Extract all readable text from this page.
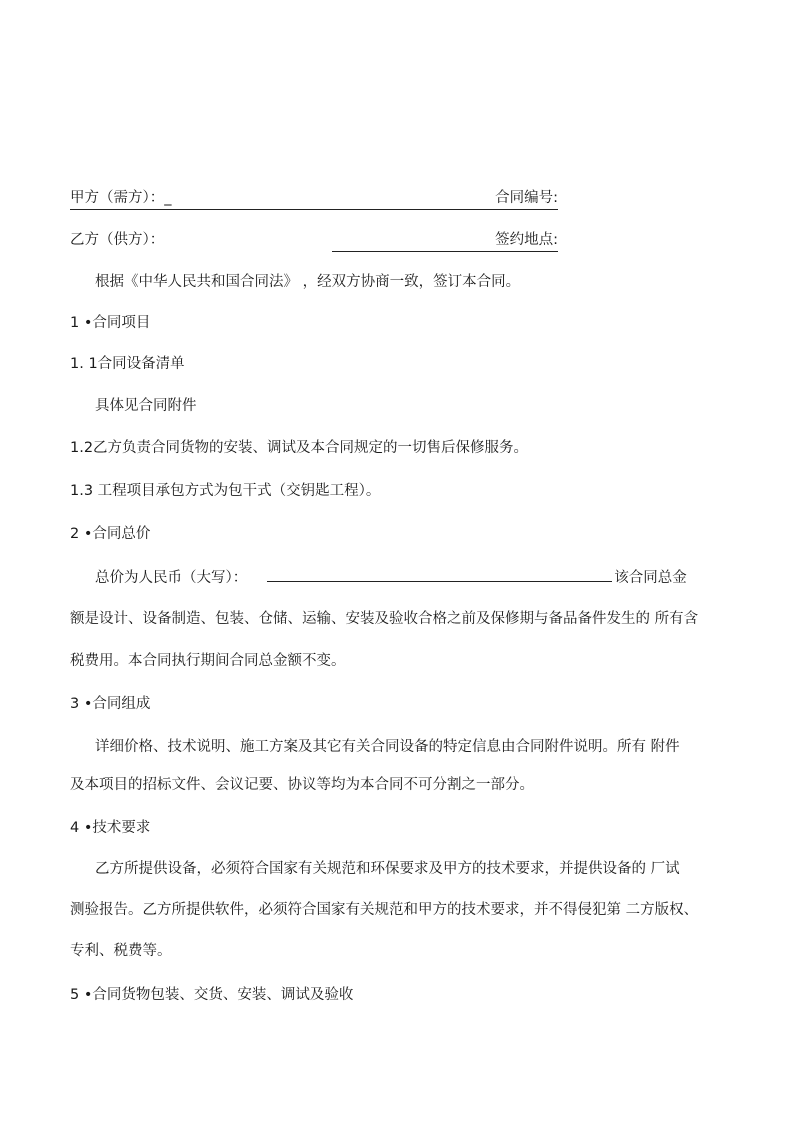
甲方（需方）：_	合同编号:
乙方（供方）：	签约地点:
根据《中华人民共和国合同法》 ，经双方协商一致，签订本合同。
1 •合同项目
1. 1合同设备清单
具体见合同附件
1.2乙方负责合同货物的安装、调试及本合同规定的一切售后保修服务。
1.3 工程项目承包方式为包干式（交钥匙工程）。
2 •合同总价
总价为人民币（大写）：	该合同总金
额是设计、设备制造、包装、仓储、运输、安装及验收合格之前及保修期与备品备件发生的 所有含
税费用。本合同执行期间合同总金额不变。
3 •合同组成
详细价格、技术说明、施工方案及其它有关合同设备的特定信息由合同附件说明。所有 附件
及本项目的招标文件、会议记要、协议等均为本合同不可分割之一部分。
4 •技术要求
乙方所提供设备，必须符合国家有关规范和环保要求及甲方的技术要求，并提供设备的 厂试
测验报告。乙方所提供软件，必须符合国家有关规范和甲方的技术要求，并不得侵犯第 二方版权、
专利、税费等。
5 •合同货物包装、交货、安装、调试及验收
